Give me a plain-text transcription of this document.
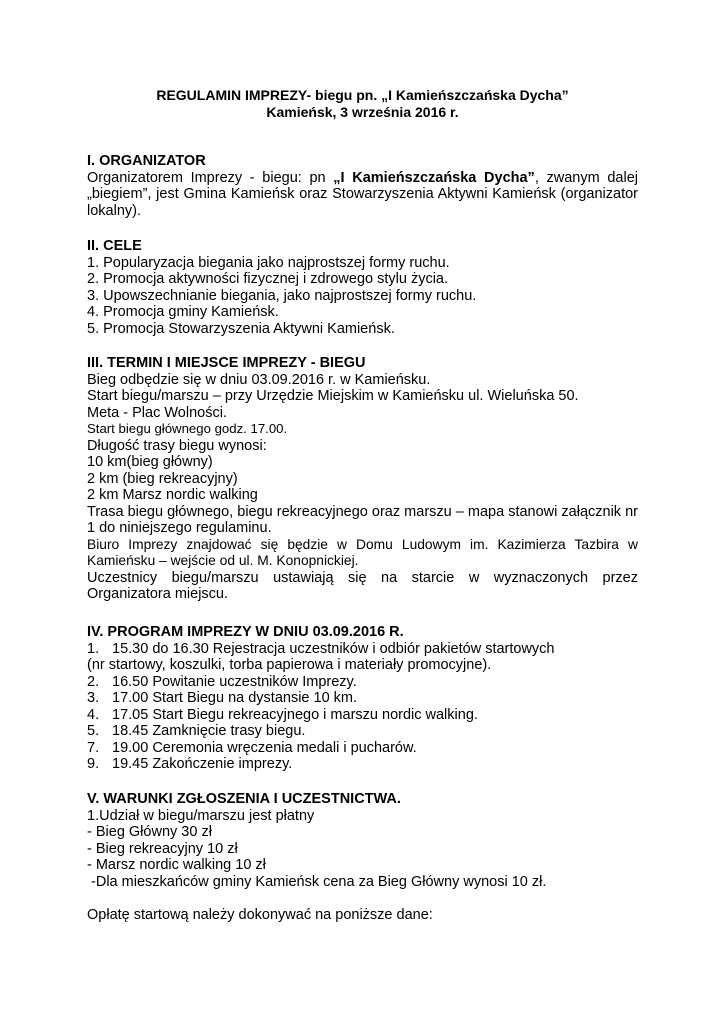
REGULAMIN IMPREZY- biegu pn. „I Kamieńszczańska Dycha”
Kamieńsk, 3 września 2016 r.
I. ORGANIZATOR
Organizatorem Imprezy - biegu: pn „I Kamieńszczańska Dycha”, zwanym dalej „biegiem”, jest Gmina Kamieńsk oraz Stowarzyszenia Aktywni Kamieńsk (organizator lokalny).
II. CELE
1. Popularyzacja biegania jako najprostszej formy ruchu.
2. Promocja aktywności fizycznej i zdrowego stylu życia.
3. Upowszechnianie biegania, jako najprostszej formy ruchu.
4. Promocja gminy Kamieńsk.
5. Promocja Stowarzyszenia Aktywni Kamieńsk.
III. TERMIN I MIEJSCE IMPREZY - BIEGU
Bieg odbędzie się w dniu 03.09.2016 r. w Kamieńsku.
Start biegu/marszu – przy Urzędzie Miejskim w Kamieńsku ul. Wieluńska 50.
Meta - Plac Wolności.
Start biegu głównego godz. 17.00.
Długość trasy biegu wynosi:
10 km(bieg główny)
2 km (bieg rekreacyjny)
2 km Marsz nordic walking
Trasa biegu głównego, biegu rekreacyjnego oraz marszu – mapa stanowi załącznik nr 1 do niniejszego regulaminu.
Biuro Imprezy znajdować się będzie w Domu Ludowym im. Kazimierza Tazbira w Kamieńsku – wejście od ul. M. Konopnickiej.
Uczestnicy biegu/marszu ustawiają się na starcie w wyznaczonych przez Organizatora miejscu.
IV. PROGRAM IMPREZY W DNIU 03.09.2016 R.
1. 15.30 do 16.30 Rejestracja uczestników i odbiór pakietów startowych
(nr startowy, koszulki, torba papierowa i materiały promocyjne).
2. 16.50 Powitanie uczestników Imprezy.
3. 17.00 Start Biegu na dystansie 10 km.
4. 17.05 Start Biegu rekreacyjnego i marszu nordic walking.
5. 18.45 Zamknięcie trasy biegu.
7. 19.00 Ceremonia wręczenia medali i pucharów.
9. 19.45 Zakończenie imprezy.
V. WARUNKI ZGŁOSZENIA I UCZESTNICTWA.
1.Udział w biegu/marszu jest płatny
- Bieg Główny 30 zł
- Bieg rekreacyjny 10 zł
- Marsz nordic walking 10 zł
-Dla mieszkańców gminy Kamieńsk cena za Bieg Główny wynosi 10 zł.
Opłatę startową należy dokonywać na poniższe dane:
